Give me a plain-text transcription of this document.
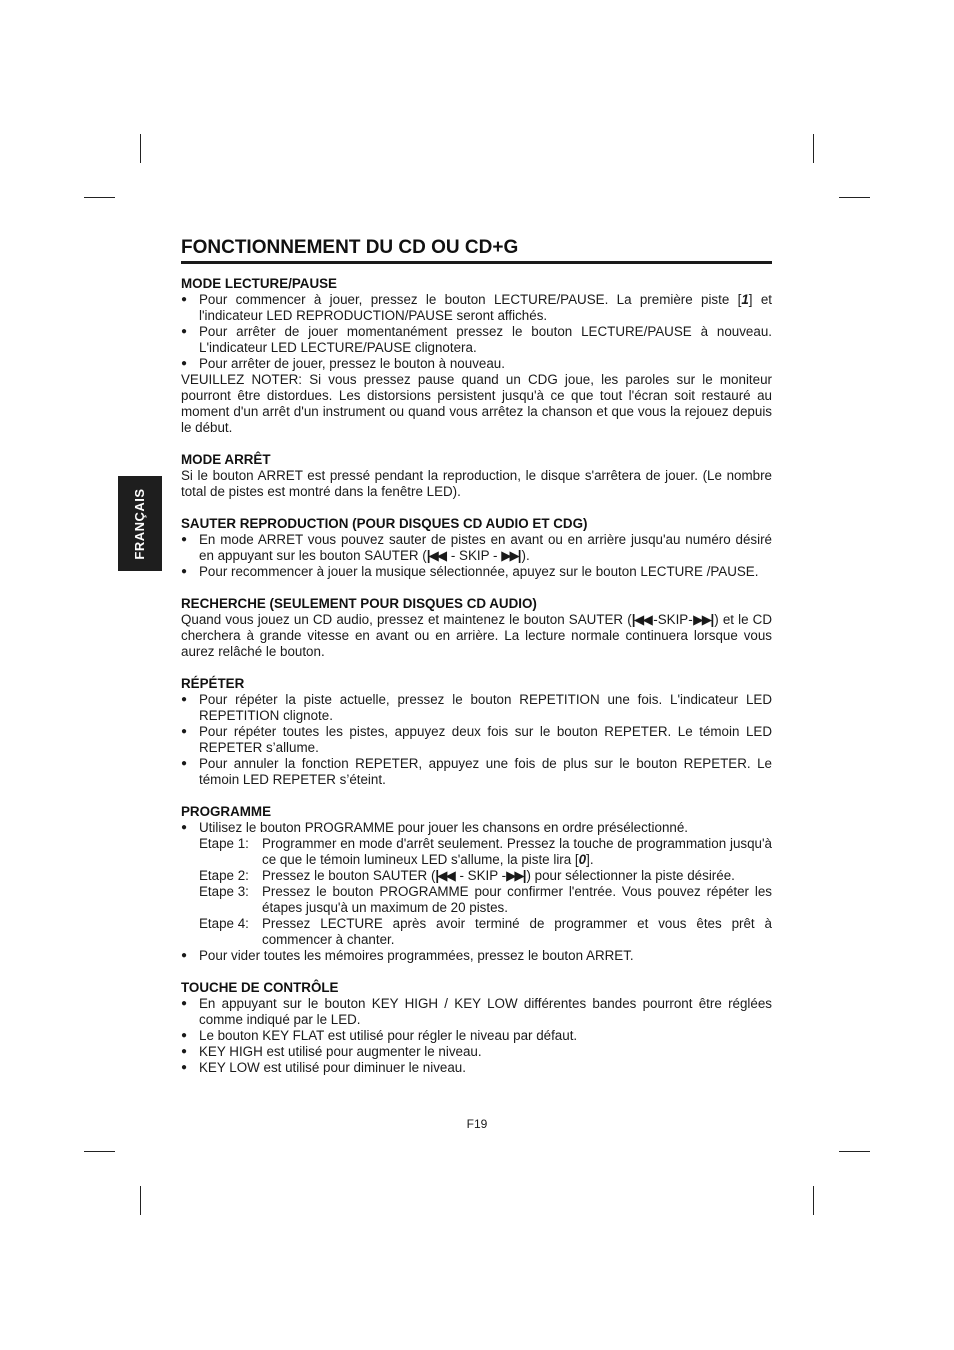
FRANÇAIS
FONCTIONNEMENT DU CD OU CD+G
MODE LECTURE/PAUSE
● Pour commencer à jouer, pressez le bouton LECTURE/PAUSE. La première piste [1] et l'indicateur LED REPRODUCTION/PAUSE seront affichés.
● Pour arrêter de jouer momentanément pressez le bouton LECTURE/PAUSE à nouveau. L'indicateur LED LECTURE/PAUSE clignotera.
● Pour arrêter de jouer, pressez le bouton à nouveau.

VEUILLEZ NOTER: Si vous pressez pause quand un CDG joue, les paroles sur le moniteur pourront être distordues. Les distorsions persistent jusqu'à ce que tout l'écran soit restauré au moment d'un arrêt d'un instrument ou quand vous arrêtez la chanson et que vous la rejouez depuis le début.

MODE ARRÊT

Si le bouton ARRET est pressé pendant la reproduction, le disque s'arrêtera de jouer. (Le nombre total de pistes est montré dans la fenêtre LED).

SAUTER REPRODUCTION (POUR DISQUES CD AUDIO ET CDG)
● En mode ARRET vous pouvez sauter de pistes en avant ou en arrière jusqu'au numéro désiré en appuyant sur les bouton SAUTER (|◀◀ - SKIP - ▶▶| ).
● Pour recommencer à jouer la musique sélectionnée, apuyez sur le bouton LECTURE /PAUSE.
RECHERCHE (SEULEMENT POUR DISQUES CD AUDIO)

Quand vous jouez un CD audio, pressez et maintenez le bouton SAUTER (|◀◀ -SKIP-▶▶| ) et le CD cherchera à grande vitesse en avant ou en arrière. La lecture normale continuera lorsque vous aurez relâché le bouton.

RÉPÉTER
● Pour répéter la piste actuelle, pressez le bouton REPETITION une fois. L'indicateur LED REPETITION clignote.
● Pour répéter toutes les pistes, appuyez deux fois sur le bouton REPETER. Le témoin LED REPETER s’allume.
● Pour annuler la fonction REPETER, appuyez une fois de plus sur le bouton REPETER. Le témoin LED REPETER s’éteint.
PROGRAMME
● Utilisez le bouton PROGRAMME pour jouer les chansons en ordre présélectionné.
Etape 1: Programmer en mode d'arrêt seulement. Pressez la touche de programmation jusqu'à ce que le témoin lumineux LED s'allume, la piste lira [0].
Etape 2: Pressez le bouton SAUTER (|◀◀ - SKIP -▶▶| ) pour sélectionner la piste désirée.
Etape 3: Pressez le bouton PROGRAMME pour confirmer l'entrée. Vous pouvez répéter les étapes jusqu'à un maximum de 20 pistes.
Etape 4: Pressez LECTURE après avoir terminé de programmer et vous êtes prêt à commencer à chanter.
● Pour vider toutes les mémoires programmées, pressez le bouton ARRET.
TOUCHE DE CONTRÔLE
● En appuyant sur le bouton KEY HIGH / KEY LOW différentes bandes pourront être réglées comme indiqué par le LED.
● Le bouton KEY FLAT est utilisé pour régler le niveau par défaut.
● KEY HIGH est utilisé pour augmenter le niveau.
● KEY LOW est utilisé pour diminuer le niveau.
F19
